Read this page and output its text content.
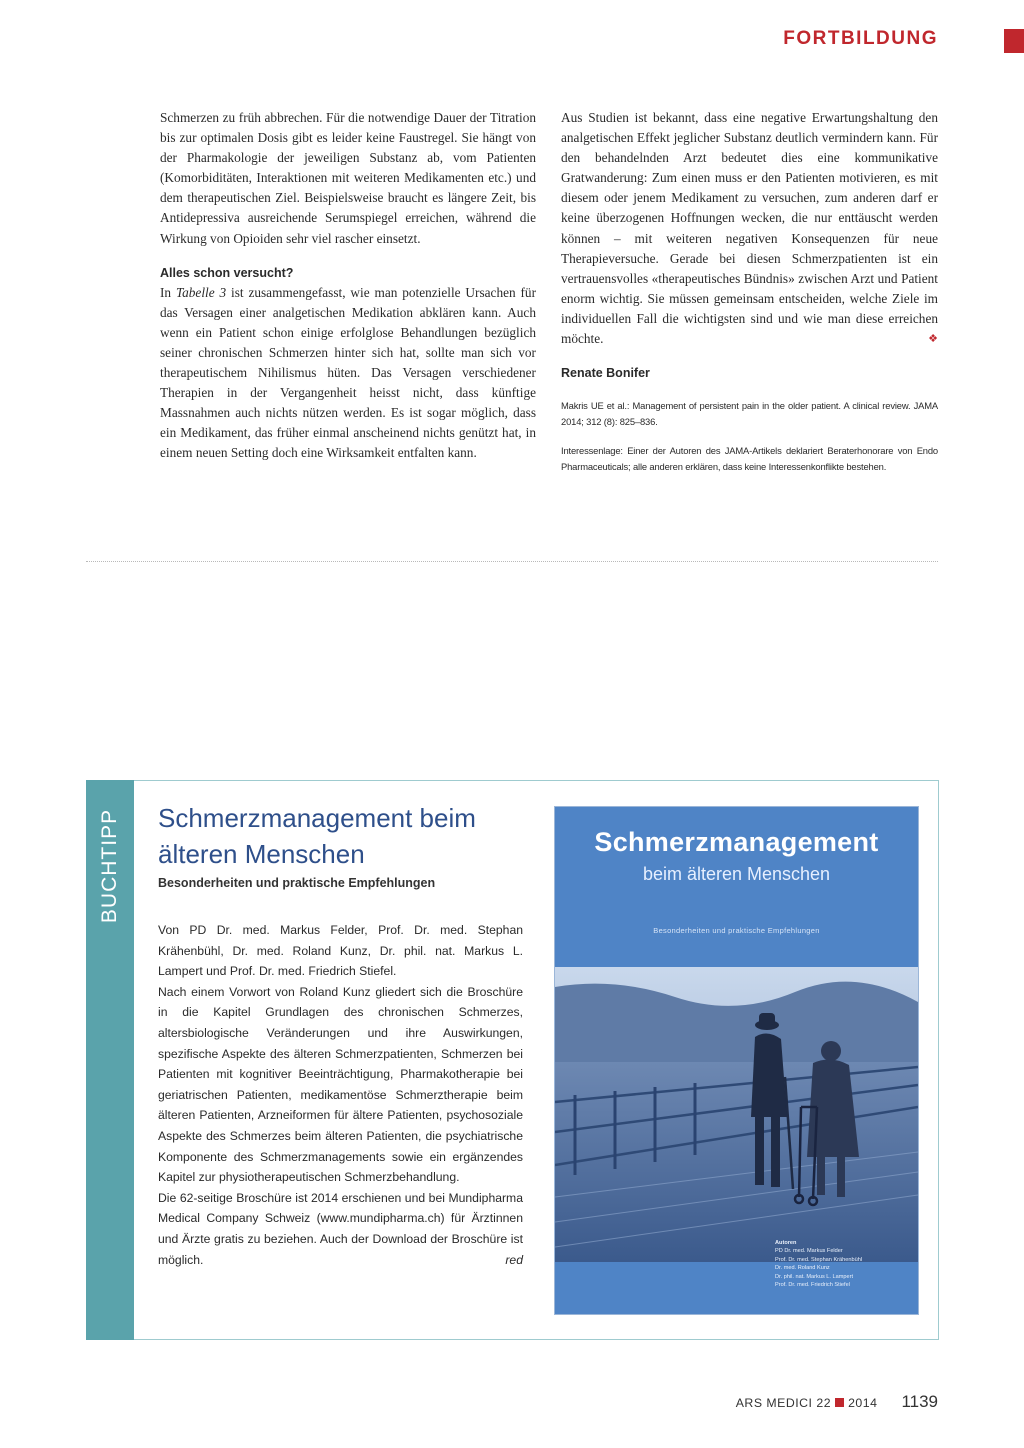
FORTBILDUNG

Schmerzen zu früh abbrechen. Für die notwendige Dauer der Titration bis zur optimalen Dosis gibt es leider keine Faustregel. Sie hängt von der Pharmakologie der jeweiligen Substanz ab, vom Patienten (Komorbiditäten, Interaktionen mit weiteren Medikamenten etc.) und dem therapeutischen Ziel. Beispielsweise braucht es längere Zeit, bis Antidepressiva ausreichende Serumspiegel erreichen, während die Wirkung von Opioiden sehr viel rascher einsetzt.

Alles schon versucht?

In Tabelle 3 ist zusammengefasst, wie man potenzielle Ursachen für das Versagen einer analgetischen Medikation abklären kann. Auch wenn ein Patient schon einige erfolglose Behandlungen bezüglich seiner chronischen Schmerzen hinter sich hat, sollte man sich vor therapeutischem Nihilismus hüten. Das Versagen verschiedener Therapien in der Vergangenheit heisst nicht, dass künftige Massnahmen auch nichts nützen werden. Es ist sogar möglich, dass ein Medikament, das früher einmal anscheinend nichts genützt hat, in einem neuen Setting doch eine Wirksamkeit entfalten kann.

Aus Studien ist bekannt, dass eine negative Erwartungshaltung den analgetischen Effekt jeglicher Substanz deutlich vermindern kann. Für den behandelnden Arzt bedeutet dies eine kommunikative Gratwanderung: Zum einen muss er den Patienten motivieren, es mit diesem oder jenem Medikament zu versuchen, zum anderen darf er keine überzogenen Hoffnungen wecken, die nur enttäuscht werden können – mit weiteren negativen Konsequenzen für neue Therapieversuche. Gerade bei diesen Schmerzpatienten ist ein vertrauensvolles «therapeutisches Bündnis» zwischen Arzt und Patient enorm wichtig. Sie müssen gemeinsam entscheiden, welche Ziele im individuellen Fall die wichtigsten sind und wie man diese erreichen möchte.	❖

Renate Bonifer
Makris UE et al.: Management of persistent pain in the older patient. A clinical review. JAMA 2014; 312 (8): 825–836.
Interessenlage: Einer der Autoren des JAMA-Artikels deklariert Beraterhonorare von Endo Pharmaceuticals; alle anderen erklären, dass keine Interessenkonflikte bestehen.
BUCHTIPP Schmerzmanagement beim älteren Menschen
Besonderheiten und praktische Empfehlungen

Von PD Dr. med. Markus Felder, Prof. Dr. med. Stephan Krähenbühl, Dr. med. Roland Kunz, Dr. phil. nat. Markus L. Lampert und Prof. Dr. med. Friedrich Stiefel.

Nach einem Vorwort von Roland Kunz gliedert sich die Broschüre in die Kapitel Grundlagen des chronischen Schmerzes, altersbiologische Veränderungen und ihre Auswirkungen, spezifische Aspekte des älteren Schmerzpatienten, Schmerzen bei Patienten mit kognitiver Beeinträchtigung, Pharmakotherapie bei geriatrischen Patienten, medikamentöse Schmerztherapie beim älteren Patienten, Arzneiformen für ältere Patienten, psychosoziale Aspekte des Schmerzes beim älteren Patienten, die psychiatrische Komponente des Schmerzmanagements sowie ein ergänzendes Kapitel zur physiotherapeutischen Schmerzbehandlung.

Die 62-seitige Broschüre ist 2014 erschienen und bei Mundipharma Medical Company Schweiz (www.mundipharma.ch) für Ärztinnen und Ärzte gratis zu beziehen. Auch der Download der Broschüre ist möglich.	red

Schmerzmanagement
beim älteren Menschen
Besonderheiten und praktische Empfehlungen
Autoren
PD Dr. med. Markus Felder
Prof. Dr. med. Stephan Krähenbühl
Dr. med. Roland Kunz
Dr. phil. nat. Markus L. Lampert
Prof. Dr. med. Friedrich Stiefel
ARS MEDICI 22 2014 1139
